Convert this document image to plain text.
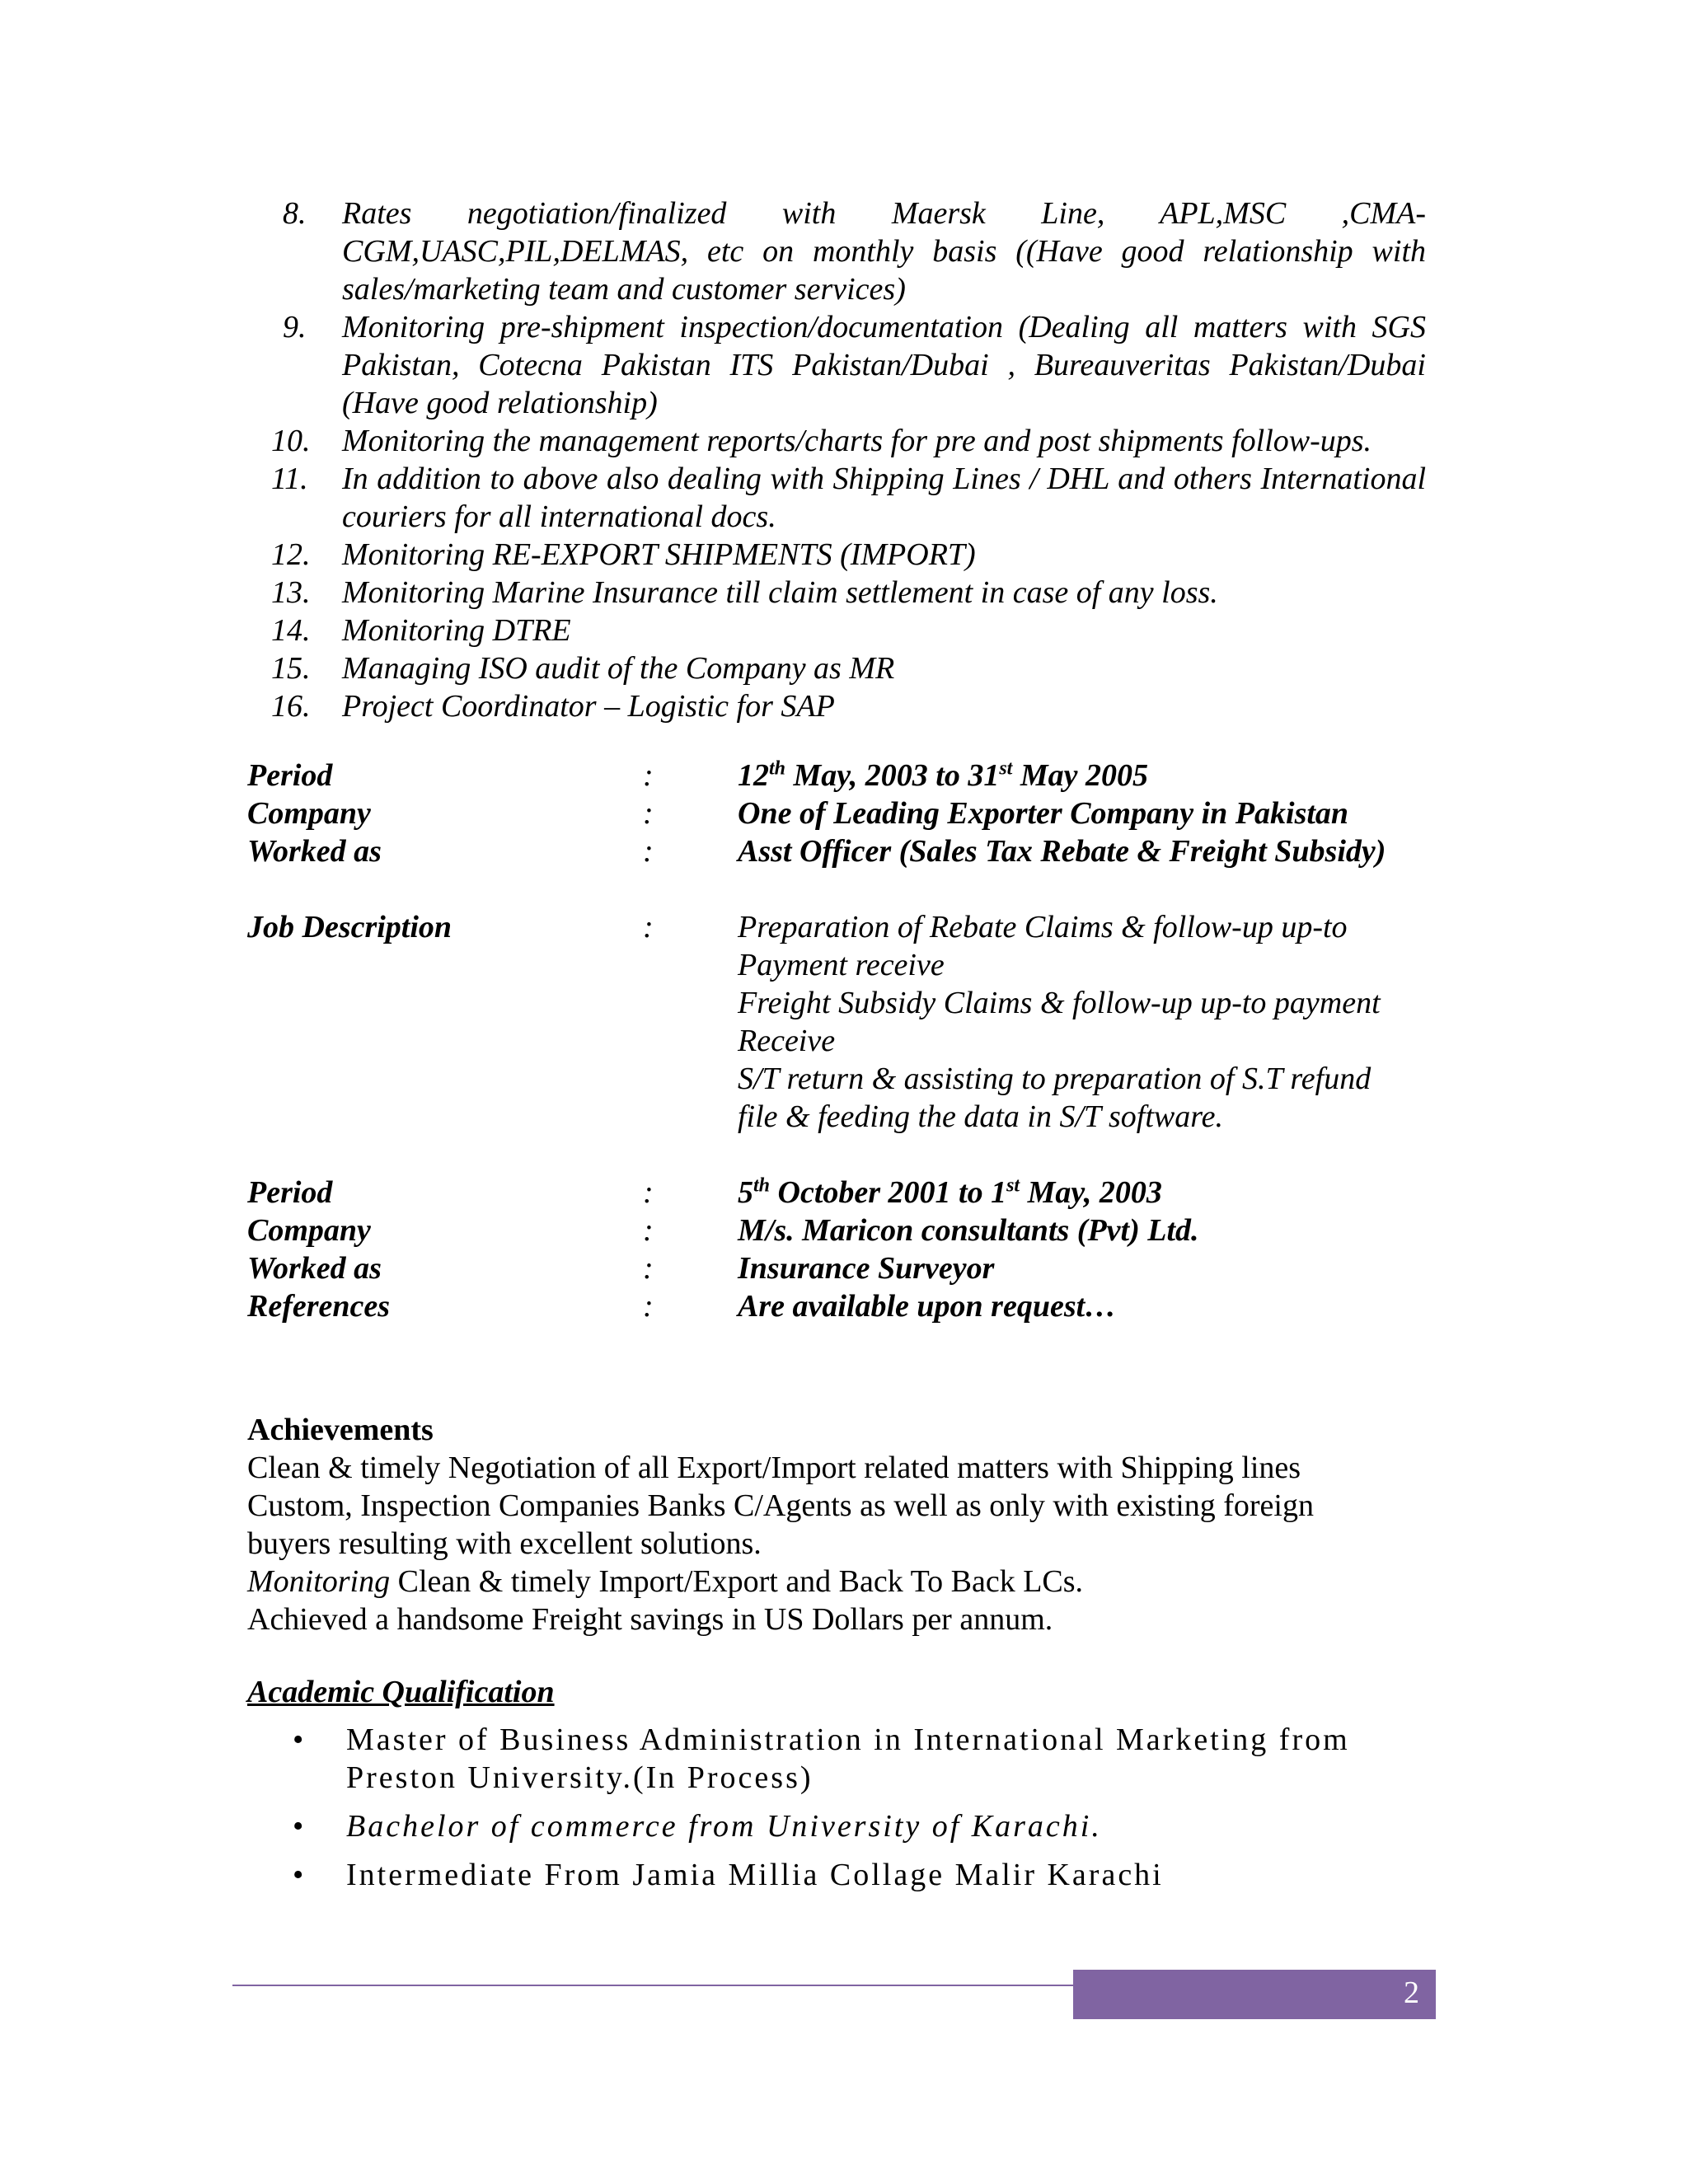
8.	Rates negotiation/finalized with Maersk Line, APL,MSC ,CMA-CGM,UASC,PIL,DELMAS, etc on monthly basis ((Have good relationship with sales/marketing team and customer services)
9.	Monitoring pre-shipment inspection/documentation (Dealing all matters with SGS Pakistan, Cotecna Pakistan ITS Pakistan/Dubai , Bureauveritas Pakistan/Dubai (Have good relationship)
10.	Monitoring the management reports/charts for pre and post shipments follow-ups.
11.	In addition to above also dealing with Shipping Lines / DHL and others International couriers for all international docs.
12.	Monitoring RE-EXPORT SHIPMENTS (IMPORT)
13.	Monitoring Marine Insurance till claim settlement in case of any loss.
14.	Monitoring DTRE
15.	Managing ISO audit of the Company as MR
16.	Project Coordinator – Logistic for SAP
Period	:	12th May, 2003 to 31st May 2005
Company	:	One of Leading Exporter Company in Pakistan
Worked as	:	Asst Officer (Sales Tax Rebate & Freight Subsidy)
Job Description	:	Preparation of Rebate Claims & follow-up up-to
Payment receive
Freight Subsidy Claims & follow-up up-to payment
Receive
S/T return & assisting to preparation of S.T refund
file & feeding the data in S/T software.
Period	:	5th October 2001 to 1st May, 2003
Company	:	M/s. Maricon consultants (Pvt) Ltd.
Worked as	:	Insurance Surveyor
References	:	Are available upon request…
Achievements
Clean & timely Negotiation of all Export/Import related matters with Shipping lines
Custom, Inspection Companies Banks C/Agents as well as only with existing foreign
buyers resulting with excellent solutions.
Monitoring Clean & timely Import/Export and Back To Back LCs.
Achieved a handsome Freight savings in US Dollars per annum.
Academic Qualification
• Master of Business Administration in International Marketing from Preston University.(In Process)
• Bachelor of commerce from University of Karachi.
• Intermediate From Jamia Millia Collage Malir Karachi
2
